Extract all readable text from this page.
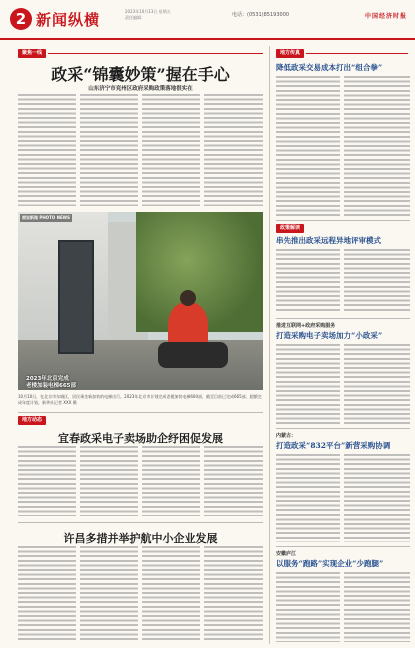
2 新闻纵横	2023年10月13日 星期五
责任编辑：	电话：(0531)85193000	中国经济时报
聚焦一线
政采“锦囊妙策”握在手心
山东济宁市兖州区政府采购政策落地很实在
图说新闻 PHOTO NEWS
2023年北京完成
老楼加装电梯665部
10月10日，在北京市东城区，居民乘坐新加装的电梯出行。2023年北京市计划完成老楼加装电梯600部，截至目前已完成665部，超额完成年度计划。新华社记者 XXX 摄
地方传真
降低政采交易成本打出“组合拳”
政策解读
串先推出政采远程异地评审模式
推进互联网+政府采购服务
打造采购电子卖场加力“小政采”
内蒙古：
打造政采“832平台”新营采购协调
安徽庐江
以服务“跑路”实现企业“少跑腿”
地方动态
宜春政采电子卖场助企纾困促发展
许昌多措并举护航中小企业发展
